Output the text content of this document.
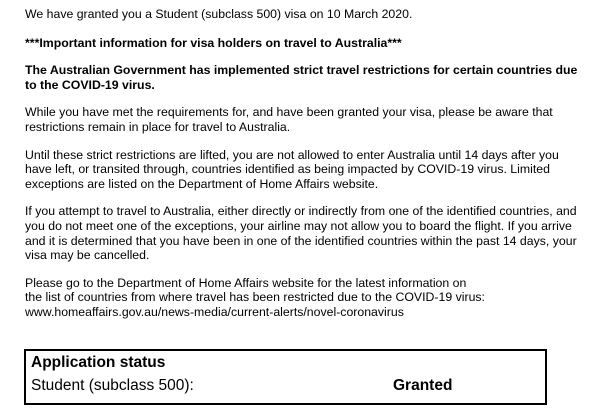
We have granted you a Student (subclass 500) visa on 10 March 2020.

***Important information for visa holders on travel to Australia***

The Australian Government has implemented strict travel restrictions for certain countries due to the COVID-19 virus.

While you have met the requirements for, and have been granted your visa, please be aware that restrictions remain in place for travel to Australia.

Until these strict restrictions are lifted, you are not allowed to enter Australia until 14 days after you have left, or transited through, countries identified as being impacted by COVID-19 virus. Limited exceptions are listed on the Department of Home Affairs website.

If you attempt to travel to Australia, either directly or indirectly from one of the identified countries, and you do not meet one of the exceptions, your airline may not allow you to board the flight. If you arrive and it is determined that you have been in one of the identified countries within the past 14 days, your visa may be cancelled.

Please go to the Department of Home Affairs website for the latest information on

the list of countries from where travel has been restricted due to the COVID-19 virus:

www.homeaffairs.gov.au/news-media/current-alerts/novel-coronavirus

Application status
Student (subclass 500):	Granted
